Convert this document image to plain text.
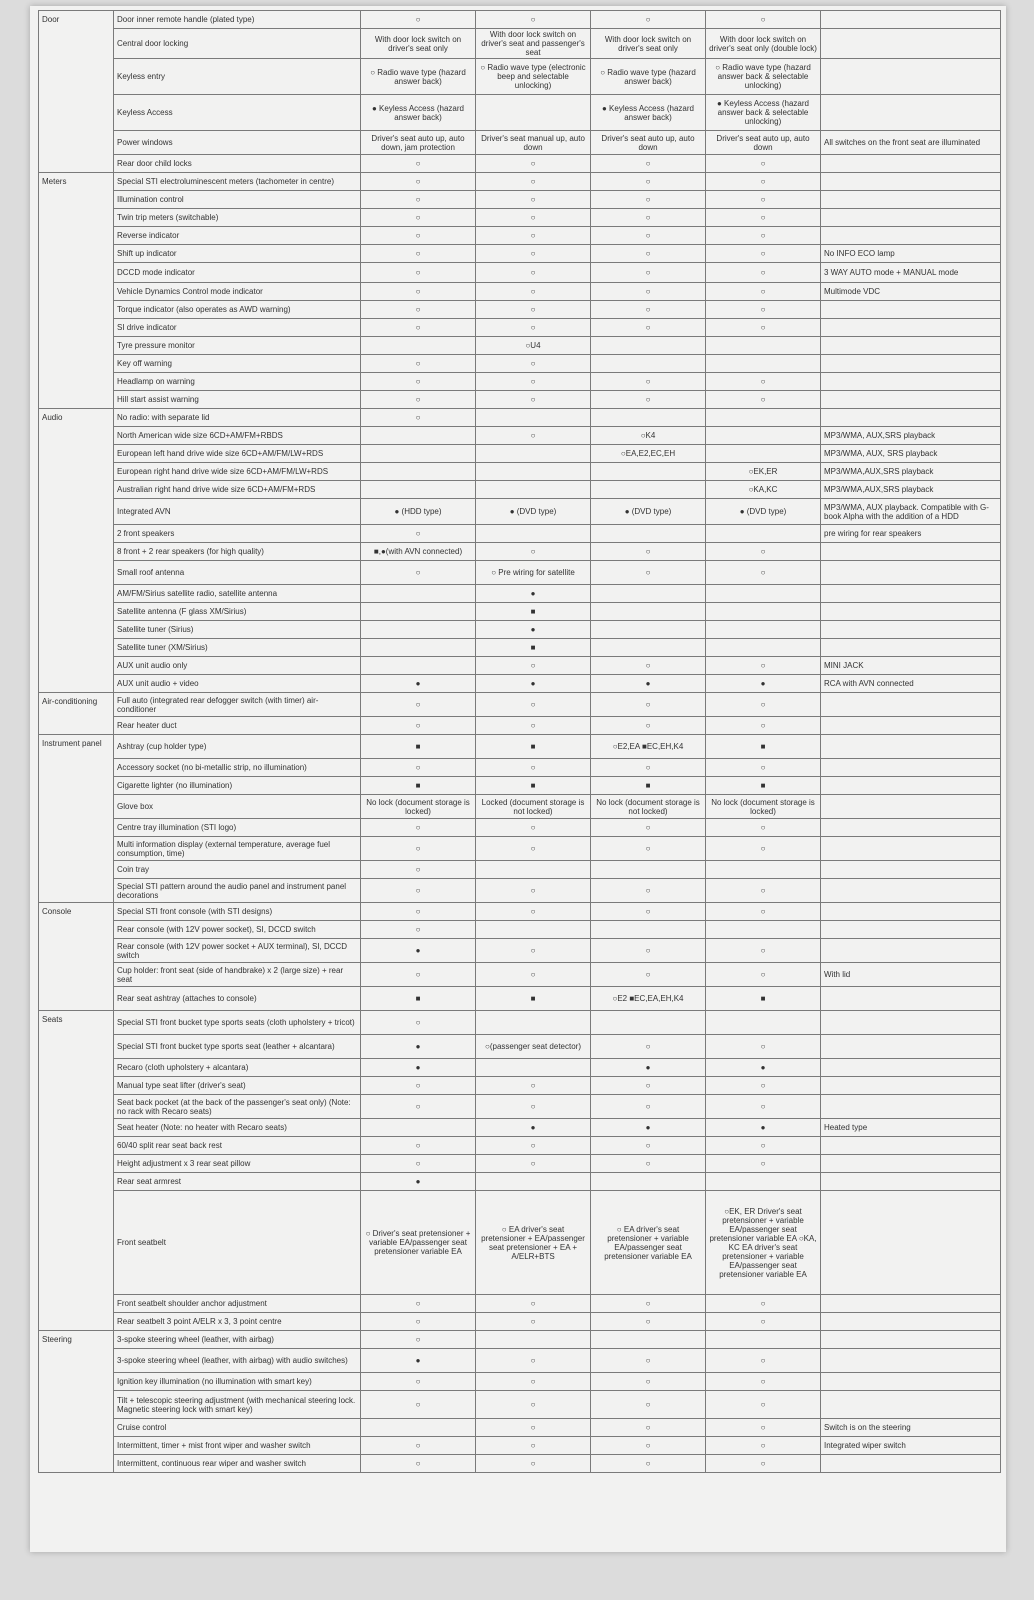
Door	Door inner remote handle (plated type)	○	○	○	○	
	Central door locking	With door lock switch on driver's seat only	With door lock switch on driver's seat and passenger's seat	With door lock switch on driver's seat only	With door lock switch on driver's seat only (double lock)	
	Keyless entry	○ Radio wave type (hazard answer back)	○ Radio wave type (electronic beep and selectable unlocking)	○ Radio wave type (hazard answer back)	○ Radio wave type (hazard answer back & selectable unlocking)	
	Keyless Access	● Keyless Access (hazard answer back)		● Keyless Access (hazard answer back)	● Keyless Access (hazard answer back & selectable unlocking)	
	Power windows	Driver's seat auto up, auto down, jam protection	Driver's seat manual up, auto down	Driver's seat auto up, auto down	Driver's seat auto up, auto down	All switches on the front seat are illuminated
	Rear door child locks	○	○	○	○	
Meters	Special STI electroluminescent meters (tachometer in centre)	○	○	○	○	
	Illumination control	○	○	○	○	
	Twin trip meters (switchable)	○	○	○	○	
	Reverse indicator	○	○	○	○	
	Shift up indicator	○	○	○	○	No INFO ECO lamp
	DCCD mode indicator	○	○	○	○	3 WAY AUTO mode + MANUAL mode
	Vehicle Dynamics Control mode indicator	○	○	○	○	Multimode VDC
	Torque indicator (also operates as AWD warning)	○	○	○	○	
	SI drive indicator	○	○	○	○	
	Tyre pressure monitor		○U4			
	Key off warning	○	○			
	Headlamp on warning	○	○	○	○	
	Hill start assist warning	○	○	○	○	
Audio	No radio: with separate lid	○				
	North American wide size 6CD+AM/FM+RBDS		○	○K4		MP3/WMA, AUX,SRS playback
	European left hand drive wide size 6CD+AM/FM/LW+RDS			○EA,E2,EC,EH		MP3/WMA, AUX, SRS playback
	European right hand drive wide size 6CD+AM/FM/LW+RDS				○EK,ER	MP3/WMA,AUX,SRS playback
	Australian right hand drive wide size 6CD+AM/FM+RDS				○KA,KC	MP3/WMA,AUX,SRS playback
	Integrated AVN	● (HDD type)	● (DVD type)	● (DVD type)	● (DVD type)	MP3/WMA, AUX playback. Compatible with G-book Alpha with the addition of a HDD
	2 front speakers	○				pre wiring for rear speakers
	8 front + 2 rear speakers (for high quality)	■,●(with AVN connected)	○	○	○	
	Small roof antenna	○	○ Pre wiring for satellite	○	○	
	AM/FM/Sirius satellite radio, satellite antenna		●			
	Satellite antenna (F glass XM/Sirius)		■			
	Satellite tuner (Sirius)		●			
	Satellite tuner (XM/Sirius)		■			
	AUX unit audio only		○	○	○	MINI JACK
	AUX unit audio + video	●	●	●	●	RCA with AVN connected
Air-conditioning	Full auto (integrated rear defogger switch (with timer) air-conditioner	○	○	○	○	
	Rear heater duct	○	○	○	○	
Instrument panel	Ashtray (cup holder type)	■	■	○E2,EA ■EC,EH,K4	■	
	Accessory socket (no bi-metallic strip, no illumination)	○	○	○	○	
	Cigarette lighter (no illumination)	■	■	■	■	
	Glove box	No lock (document storage is locked)	Locked (document storage is not locked)	No lock (document storage is not locked)	No lock (document storage is locked)	
	Centre tray illumination (STI logo)	○	○	○	○	
	Multi information display (external temperature, average fuel consumption, time)	○	○	○	○	
	Coin tray	○				
	Special STI pattern around the audio panel and instrument panel decorations	○	○	○	○	
Console	Special STI front console (with STI designs)	○	○	○	○	
	Rear console (with 12V power socket), SI, DCCD switch	○				
	Rear console (with 12V power socket + AUX terminal), SI, DCCD switch	●	○	○	○	
	Cup holder: front seat (side of handbrake) x 2 (large size) + rear seat	○	○	○	○	With lid
	Rear seat ashtray (attaches to console)	■	■	○E2 ■EC,EA,EH,K4	■	
Seats	Special STI front bucket type sports seats (cloth upholstery + tricot)	○				
	Special STI front bucket type sports seat (leather + alcantara)	●	○(passenger seat detector)	○	○	
	Recaro (cloth upholstery + alcantara)	●		●	●	
	Manual type seat lifter (driver's seat)	○	○	○	○	
	Seat back pocket (at the back of the passenger's seat only) (Note: no rack with Recaro seats)	○	○	○	○	
	Seat heater (Note: no heater with Recaro seats)		●	●	●	Heated type
	60/40 split rear seat back rest	○	○	○	○	
	Height adjustment x 3 rear seat pillow	○	○	○	○	
	Rear seat armrest	●				
	Front seatbelt	○ Driver's seat pretensioner + variable EA/passenger seat pretensioner variable EA	○ EA driver's seat pretensioner + EA/passenger seat pretensioner + EA + A/ELR+BTS	○ EA driver's seat pretensioner + variable EA/passenger seat pretensioner variable EA	○EK, ER Driver's seat pretensioner + variable EA/passenger seat pretensioner variable EA ○KA, KC EA driver's seat pretensioner + variable EA/passenger seat pretensioner variable EA	
	Front seatbelt shoulder anchor adjustment	○	○	○	○	
	Rear seatbelt 3 point A/ELR x 3, 3 point centre	○	○	○	○	
Steering	3-spoke steering wheel (leather, with airbag)	○				
	3-spoke steering wheel (leather, with airbag) with audio switches)	●	○	○	○	
	Ignition key illumination (no illumination with smart key)	○	○	○	○	
	Tilt + telescopic steering adjustment (with mechanical steering lock. Magnetic steering lock with smart key)	○	○	○	○	
	Cruise control		○	○	○	Switch is on the steering
	Intermittent, timer + mist front wiper and washer switch	○	○	○	○	Integrated wiper switch
	Intermittent, continuous rear wiper and washer switch	○	○	○	○	
